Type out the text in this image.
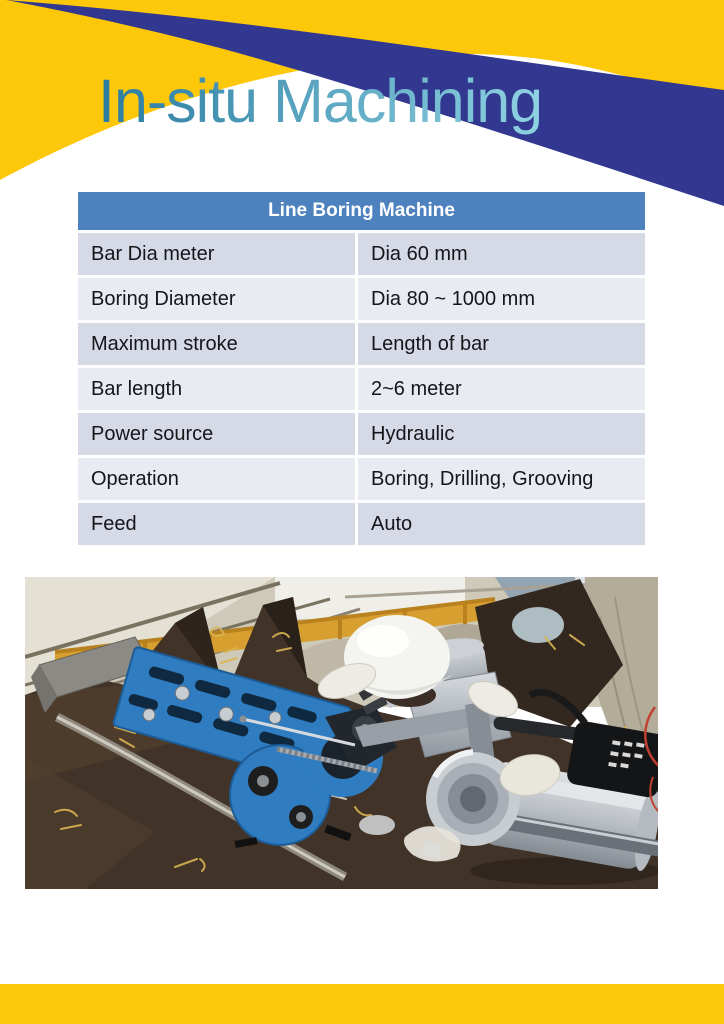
In-situ Machining
Line Boring Machine
Bar Dia meter	Dia 60 mm
Boring Diameter	Dia 80 ~ 1000 mm
Maximum stroke	Length of bar
Bar length	2~6 meter
Power source	Hydraulic
Operation	Boring, Drilling, Grooving
Feed	Auto
